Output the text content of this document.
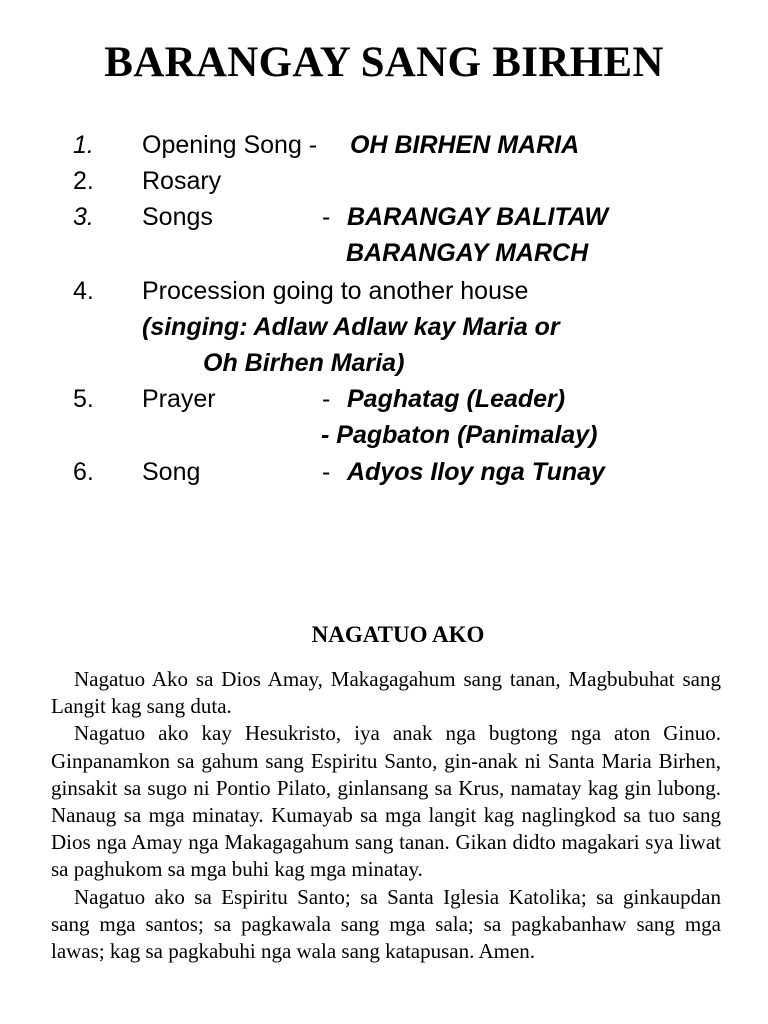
BARANGAY SANG BIRHEN
1. Opening Song - OH BIRHEN MARIA
2. Rosary
3. Songs	- BARANGAY BALITAW
BARANGAY MARCH
4. Procession going to another house
(singing: Adlaw Adlaw kay Maria or
Oh Birhen Maria)
5. Prayer	- Paghatag (Leader)
- Pagbaton (Panimalay)
6. Song	- Adyos Iloy nga Tunay
NAGATUO AKO

Nagatuo Ako sa Dios Amay, Makagagahum sang tanan, Magbubuhat sang Langit kag sang duta.

Nagatuo ako kay Hesukristo, iya anak nga bugtong nga aton Ginuo. Ginpanamkon sa gahum sang Espiritu Santo, gin-anak ni Santa Maria Birhen, ginsakit sa sugo ni Pontio Pilato, ginlansang sa Krus, namatay kag gin lubong. Nanaug sa mga minatay. Kumayab sa mga langit kag naglingkod sa tuo sang Dios nga Amay nga Makagagahum sang tanan. Gikan didto magakari sya liwat sa paghukom sa mga buhi kag mga minatay.

Nagatuo ako sa Espiritu Santo; sa Santa Iglesia Katolika; sa ginkaupdan sang mga santos; sa pagkawala sang mga sala; sa pagkabanhaw sang mga lawas; kag sa pagkabuhi nga wala sang katapusan. Amen.
